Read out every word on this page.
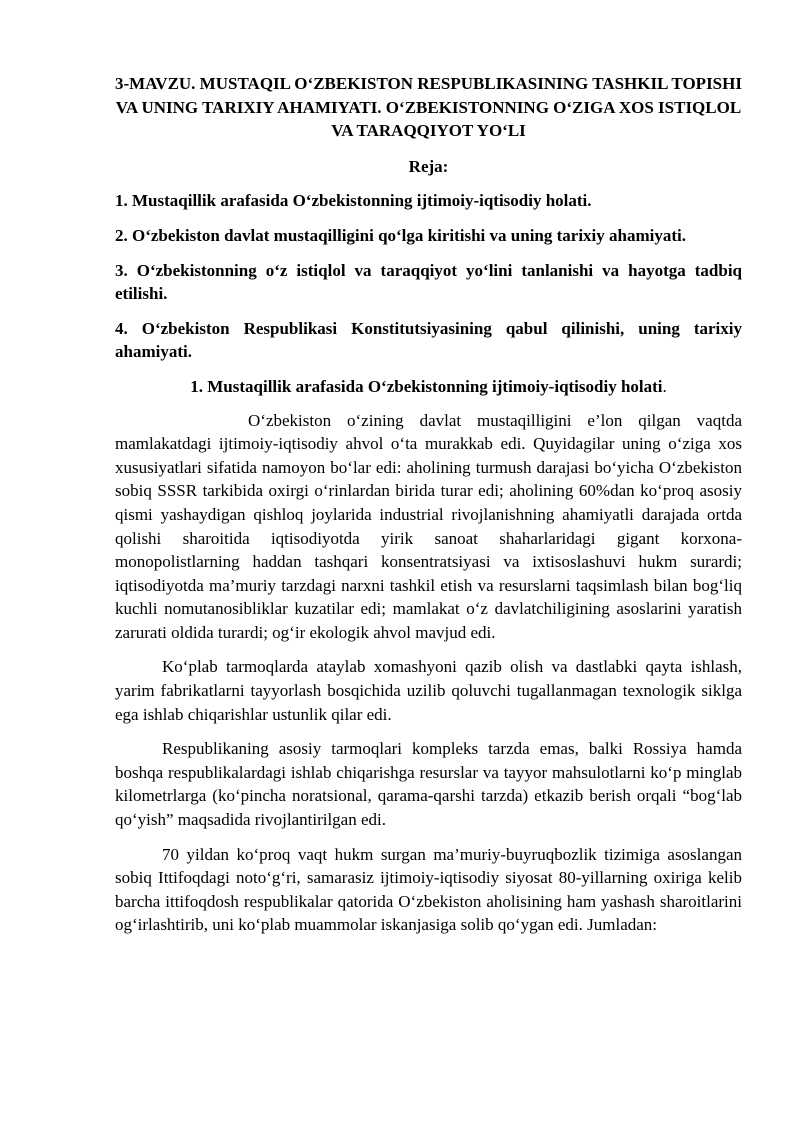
3-MAVZU. MUSTAQIL O‘ZBEKISTON RESPUBLIKASINING TASHKIL TOPISHI VA UNING TARIXIY AHAMIYATI. O‘ZBEKISTONNING O‘ZIGA XOS ISTIQLOL VA TARAQQIYOT YO‘LI
Reja:
1. Mustaqillik arafasida O‘zbekistonning ijtimoiy-iqtisodiy holati.
2. O‘zbekiston davlat mustaqilligini qo‘lga kiritishi va uning tarixiy ahamiyati.
3. O‘zbekistonning o‘z istiqlol va taraqqiyot yo‘lini tanlanishi va hayotga tadbiq etilishi.
4. O‘zbekiston Respublikasi Konstitutsiyasining qabul qilinishi, uning tarixiy ahamiyati.
1. Mustaqillik arafasida O‘zbekistonning ijtimoiy-iqtisodiy holati.

O‘zbekiston o‘zining davlat mustaqilligini e’lon qilgan vaqtda mamlakatdagi ijtimoiy-iqtisodiy ahvol o‘ta murakkab edi. Quyidagilar uning o‘ziga xos xususiyatlari sifatida namoyon bo‘lar edi: aholining turmush darajasi bo‘yicha O‘zbekiston sobiq SSSR tarkibida oxirgi o‘rinlardan birida turar edi; aholining 60%dan ko‘proq asosiy qismi yashaydigan qishloq joylarida industrial rivojlanishning ahamiyatli darajada ortda qolishi sharoitida iqtisodiyotda yirik sanoat shaharlaridagi gigant korxona-monopolistlarning haddan tashqari konsentratsiyasi va ixtisoslashuvi hukm surardi; iqtisodiyotda ma’muriy tarzdagi narxni tashkil etish va resurslarni taqsimlash bilan bog‘liq kuchli nomutanosibliklar kuzatilar edi; mamlakat o‘z davlatchiligining asoslarini yaratish zarurati oldida turardi; og‘ir ekologik ahvol mavjud edi.

Ko‘plab tarmoqlarda ataylab xomashyoni qazib olish va dastlabki qayta ishlash, yarim fabrikatlarni tayyorlash bosqichida uzilib qoluvchi tugallanmagan texnologik siklga ega ishlab chiqarishlar ustunlik qilar edi.

Respublikaning asosiy tarmoqlari kompleks tarzda emas, balki Rossiya hamda boshqa respublikalardagi ishlab chiqarishga resurslar va tayyor mahsulotlarni ko‘p minglab kilometrlarga (ko‘pincha noratsional, qarama-qarshi tarzda) etkazib berish orqali “bog‘lab qo‘yish” maqsadida rivojlantirilgan edi.

70 yildan ko‘proq vaqt hukm surgan ma’muriy-buyruqbozlik tizimiga asoslangan sobiq Ittifoqdagi noto‘g‘ri, samarasiz ijtimoiy-iqtisodiy siyosat 80-yillarning oxiriga kelib barcha ittifoqdosh respublikalar qatorida O‘zbekiston aholisining ham yashash sharoitlarini og‘irlashtirib, uni ko‘plab muammolar iskanjasiga solib qo‘ygan edi. Jumladan:
